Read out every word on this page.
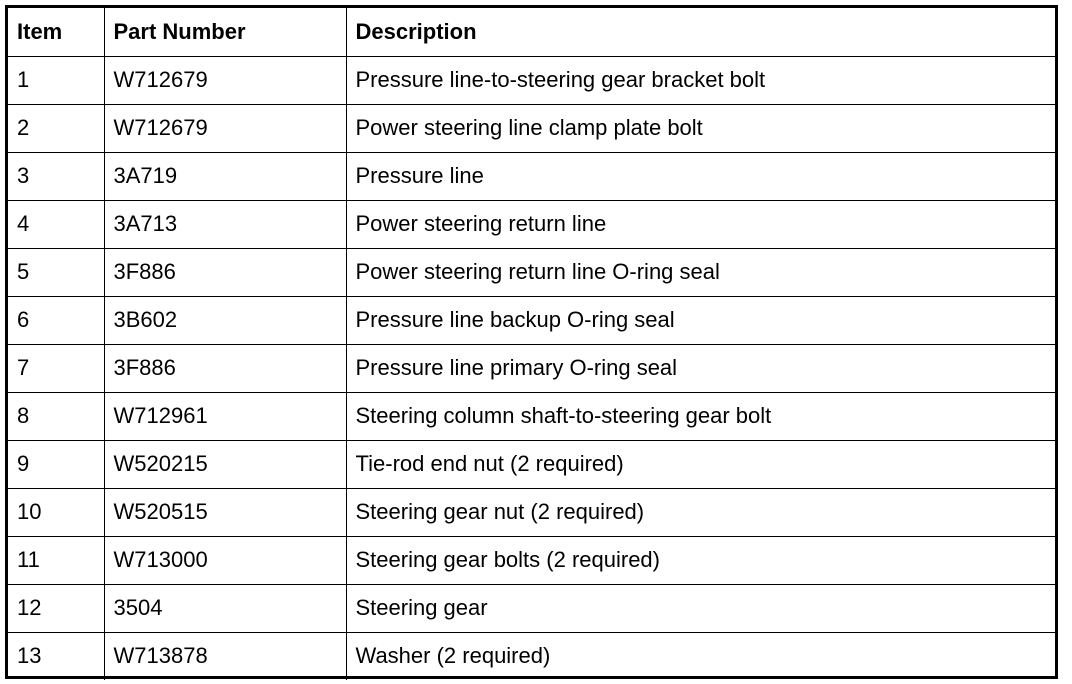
Item	Part Number	Description
1	W712679	Pressure line-to-steering gear bracket bolt
2	W712679	Power steering line clamp plate bolt
3	3A719	Pressure line
4	3A713	Power steering return line
5	3F886	Power steering return line O-ring seal
6	3B602	Pressure line backup O-ring seal
7	3F886	Pressure line primary O-ring seal
8	W712961	Steering column shaft-to-steering gear bolt
9	W520215	Tie-rod end nut (2 required)
10	W520515	Steering gear nut (2 required)
11	W713000	Steering gear bolts (2 required)
12	3504	Steering gear
13	W713878	Washer (2 required)
